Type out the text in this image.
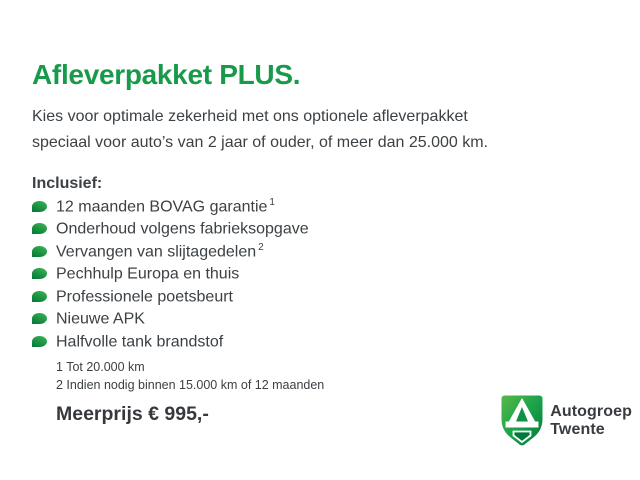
Afleverpakket PLUS.

Kies voor optimale zekerheid met ons optionele afleverpakket
speciaal voor auto’s van 2 jaar of ouder, of meer dan 25.000 km.

Inclusief:

12 maanden BOVAG garantie $^1$
Onderhoud volgens fabrieksopgave
Vervangen van slijtagedelen $^2$
Pechhulp Europa en thuis
Professionele poetsbeurt
Nieuwe APK
Halfvolle tank brandstof
1 Tot 20.000 km
2 Indien nodig binnen 15.000 km of 12 maanden

Meerprijs € 995,-	Autogroep
Twente
